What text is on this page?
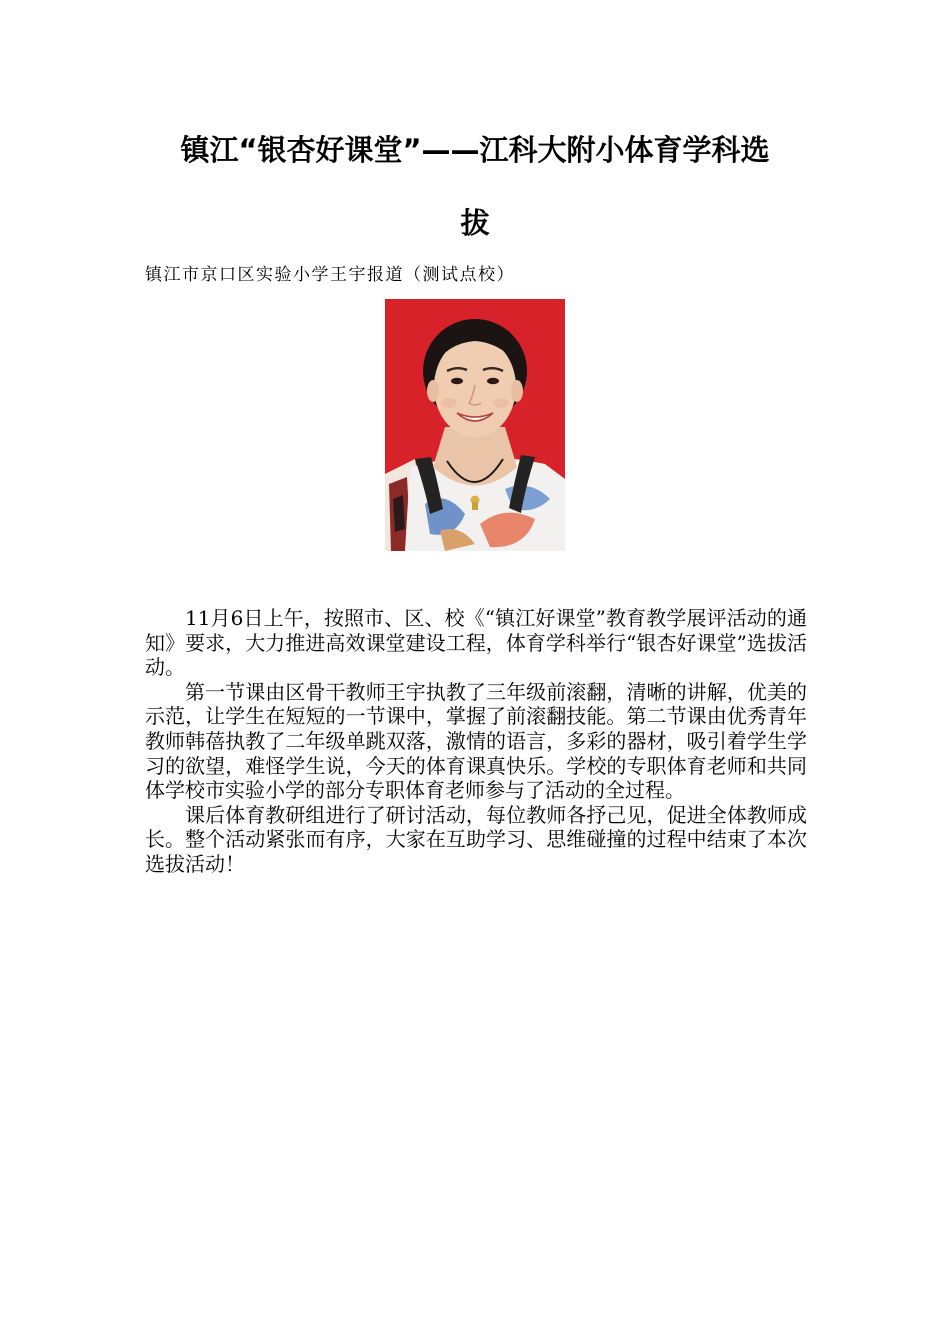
镇江“银杏好课堂”——江科大附小体育学科选
拔

镇江市京口区实验小学王宇报道（测试点校）

11月6日上午，按照市、区、校《“镇江好课堂”教育教学展评活动的通知》要求，大力推进高效课堂建设工程，体育学科举行“银杏好课堂”选拔活动。

第一节课由区骨干教师王宇执教了三年级前滚翻，清晰的讲解，优美的示范，让学生在短短的一节课中，掌握了前滚翻技能。第二节课由优秀青年教师韩蓓执教了二年级单跳双落，激情的语言，多彩的器材，吸引着学生学习的欲望，难怪学生说，今天的体育课真快乐。学校的专职体育老师和共同体学校市实验小学的部分专职体育老师参与了活动的全过程。

课后体育教研组进行了研讨活动，每位教师各抒己见，促进全体教师成长。整个活动紧张而有序，大家在互助学习、思维碰撞的过程中结束了本次选拔活动！
